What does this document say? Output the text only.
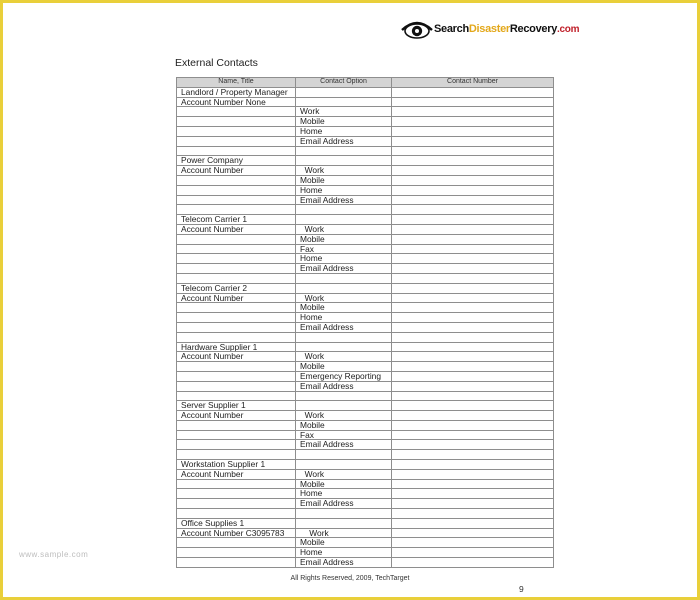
SearchDisasterRecovery.com
External Contacts
Name, Title	Contact Option	Contact Number
Landlord / Property Manager		
Account Number None		
	Work	
	Mobile	
	Home	
	Email Address	

Power Company		
Account Number	Work	
	Mobile	
	Home	
	Email Address	

Telecom Carrier 1		
Account Number	Work	
	Mobile	
	Fax	
	Home	
	Email Address	

Telecom Carrier 2		
Account Number	Work	
	Mobile	
	Home	
	Email Address	

Hardware Supplier 1		
Account Number	Work	
	Mobile	
	Emergency Reporting	
	Email Address	

Server Supplier 1		
Account Number	Work	
	Mobile	
	Fax	
	Email Address	

Workstation Supplier 1		
Account Number	Work	
	Mobile	
	Home	
	Email Address	

Office Supplies 1		
Account Number C3095783	Work	
	Mobile	
	Home	
	Email Address	
www.sample.com
All Rights Reserved, 2009, TechTarget
9
